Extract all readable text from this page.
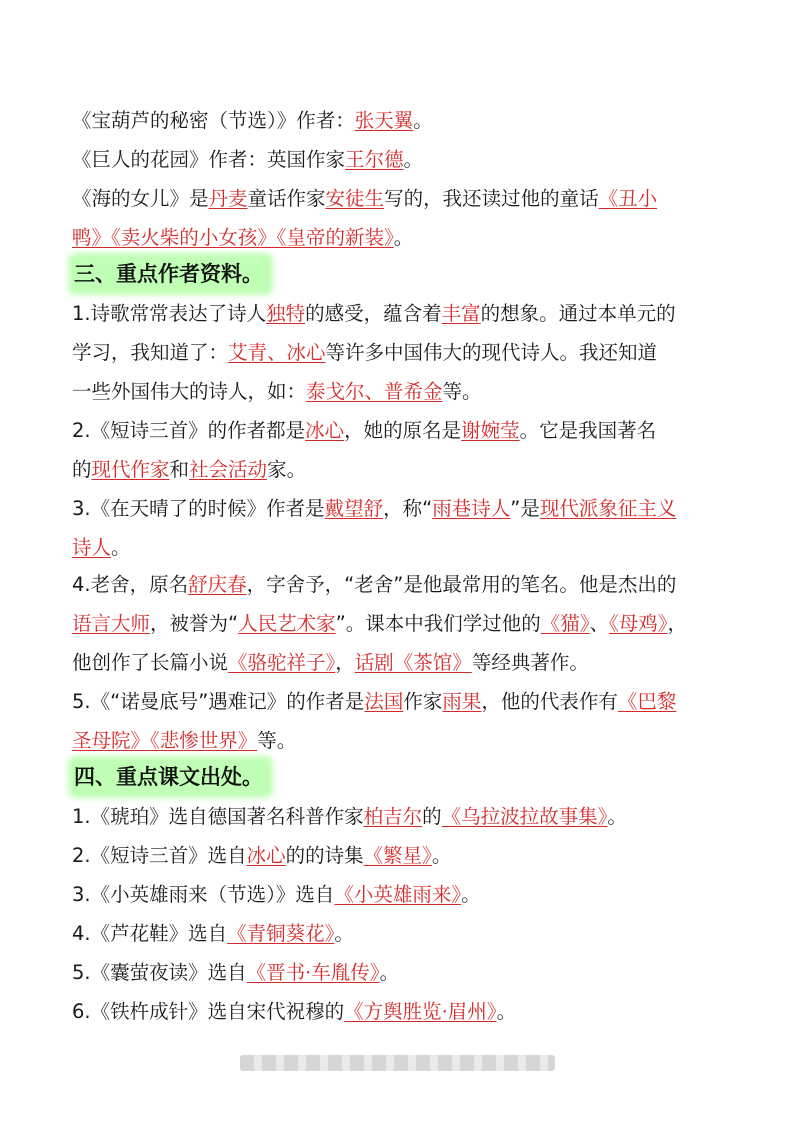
《宝葫芦的秘密（节选）》作者：张天翼。
《巨人的花园》作者：英国作家王尔德。
《海的女儿》是丹麦童话作家安徒生写的，我还读过他的童话《丑小
鸭》《卖火柴的小女孩》《皇帝的新装》。
三、重点作者资料。
1.诗歌常常表达了诗人独特的感受，蕴含着丰富的想象。通过本单元的
学习，我知道了：艾青、冰心等许多中国伟大的现代诗人。我还知道
一些外国伟大的诗人，如：泰戈尔、普希金等。
2.《短诗三首》的作者都是冰心，她的原名是谢婉莹。它是我国著名
的现代作家和社会活动家。
3.《在天晴了的时候》作者是戴望舒，称“雨巷诗人”是现代派象征主义
诗人。
4.老舍，原名舒庆春，字舍予，“老舍”是他最常用的笔名。他是杰出的
语言大师，被誉为“人民艺术家”。课本中我们学过他的《猫》、《母鸡》，
他创作了长篇小说《骆驼祥子》，话剧《茶馆》等经典著作。
5.《“诺曼底号”遇难记》的作者是法国作家雨果，他的代表作有《巴黎
圣母院》《悲惨世界》等。
四、重点课文出处。
1.《琥珀》选自德国著名科普作家柏吉尔的《乌拉波拉故事集》。
2.《短诗三首》选自冰心的的诗集《繁星》。
3.《小英雄雨来（节选）》选自《小英雄雨来》。
4.《芦花鞋》选自《青铜葵花》。
5.《囊萤夜读》选自《晋书·车胤传》。
6.《铁杵成针》选自宋代祝穆的《方舆胜览·眉州》。
